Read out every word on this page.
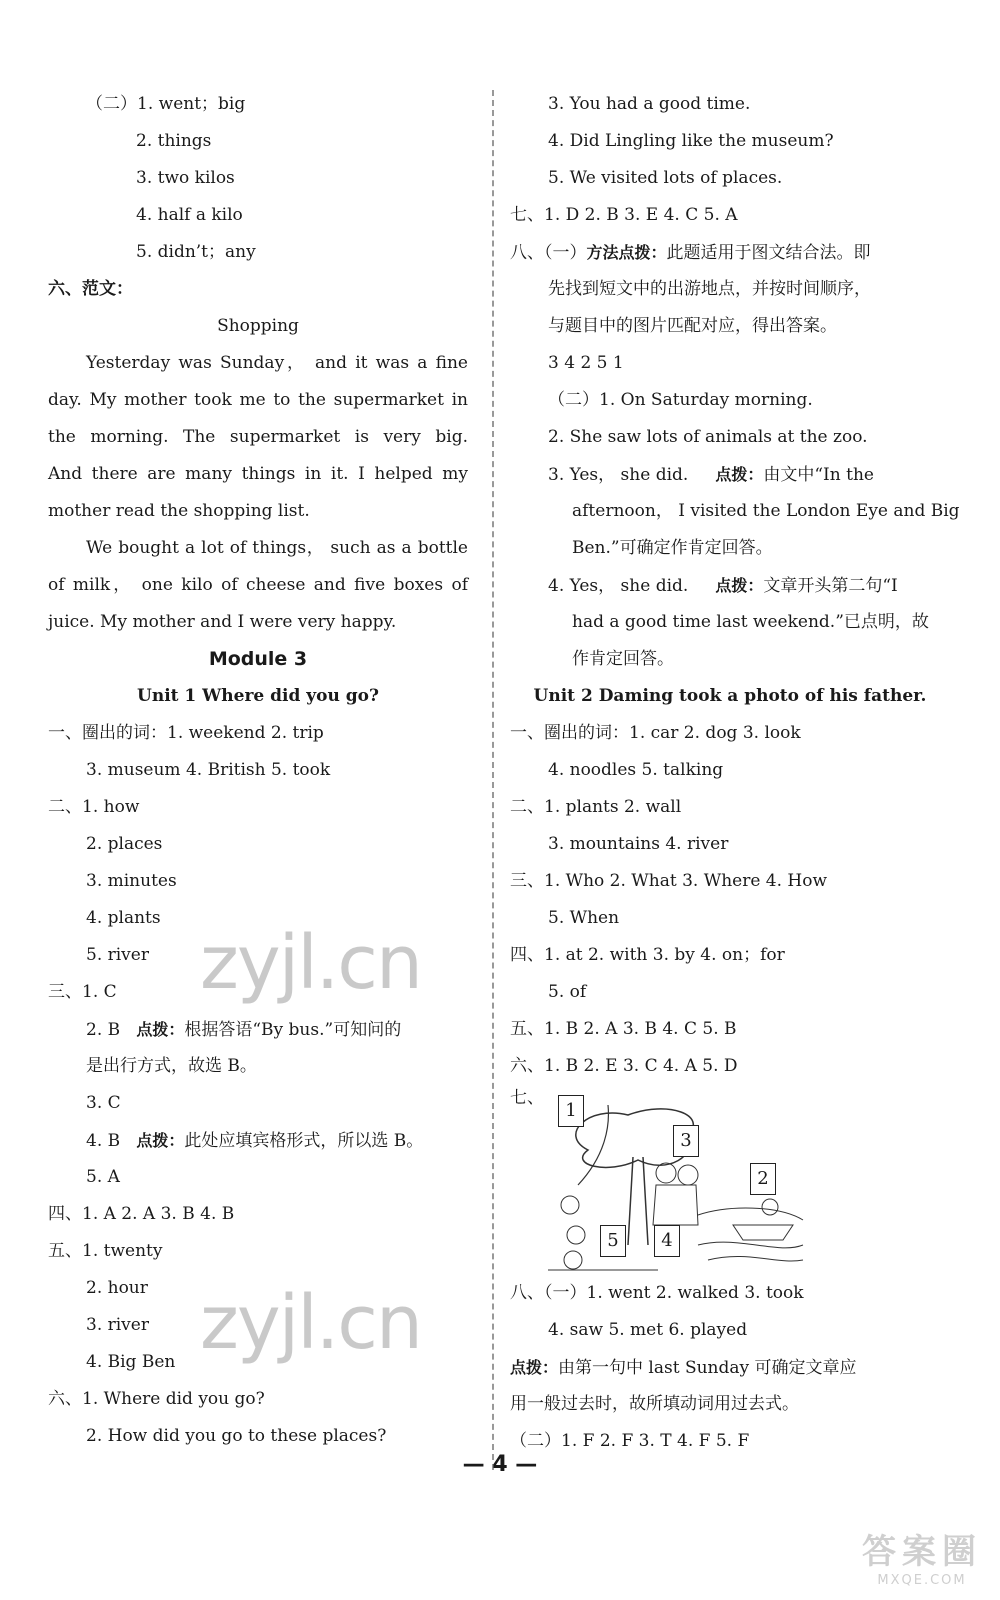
（二）1. went；big
2. things
3. two kilos
4. half a kilo
5. didn’t；any
六、范文：
Shopping
Yesterday was Sunday， and it was a fine
day. My mother took me to the supermarket in
the morning. The supermarket is very big.
And there are many things in it. I helped my
mother read the shopping list.
We bought a lot of things， such as a bottle
of milk， one kilo of cheese and five boxes of
juice. My mother and I were very happy.
Module 3
Unit 1 Where did you go?
一、圈出的词：1. weekend 2. trip
3. museum 4. British 5. took
二、1. how
2. places
3. minutes
4. plants
5. river
三、1. C
2. B 点拨：根据答语“By bus.”可知问的
是出行方式，故选 B。
3. C
4. B 点拨：此处应填宾格形式，所以选 B。
5. A
四、1. A 2. A 3. B 4. B
五、1. twenty
2. hour
3. river
4. Big Ben
六、1. Where did you go?
2. How did you go to these places?
3. You had a good time.
4. Did Lingling like the museum?
5. We visited lots of places.
七、1. D 2. B 3. E 4. C 5. A
八、（一）方法点拨：此题适用于图文结合法。即
先找到短文中的出游地点，并按时间顺序，
与题目中的图片匹配对应，得出答案。
3 4 2 5 1
（二）1. On Saturday morning.
2. She saw lots of animals at the zoo.
3. Yes， she did. 点拨：由文中“In the
afternoon， I visited the London Eye and Big
Ben.”可确定作肯定回答。
4. Yes， she did. 点拨：文章开头第二句“I
had a good time last weekend.”已点明，故
作肯定回答。
Unit 2 Daming took a photo of his father.
一、圈出的词：1. car 2. dog 3. look
4. noodles 5. talking
二、1. plants 2. wall
3. mountains 4. river
三、1. Who 2. What 3. Where 4. How
5. When
四、1. at 2. with 3. by 4. on；for
5. of
五、1. B 2. A 3. B 4. C 5. B
六、1. B 2. E 3. C 4. A 5. D
七、
1
3
2
5	4
八、（一）1. went 2. walked 3. took
4. saw 5. met 6. played
点拨：由第一句中 last Sunday 可确定文章应
用一般过去时，故所填动词用过去式。
（二）1. F 2. F 3. T 4. F 5. F
zyjl.cn
zyjl.cn
— 4 —
答案圈
MXQE.COM
